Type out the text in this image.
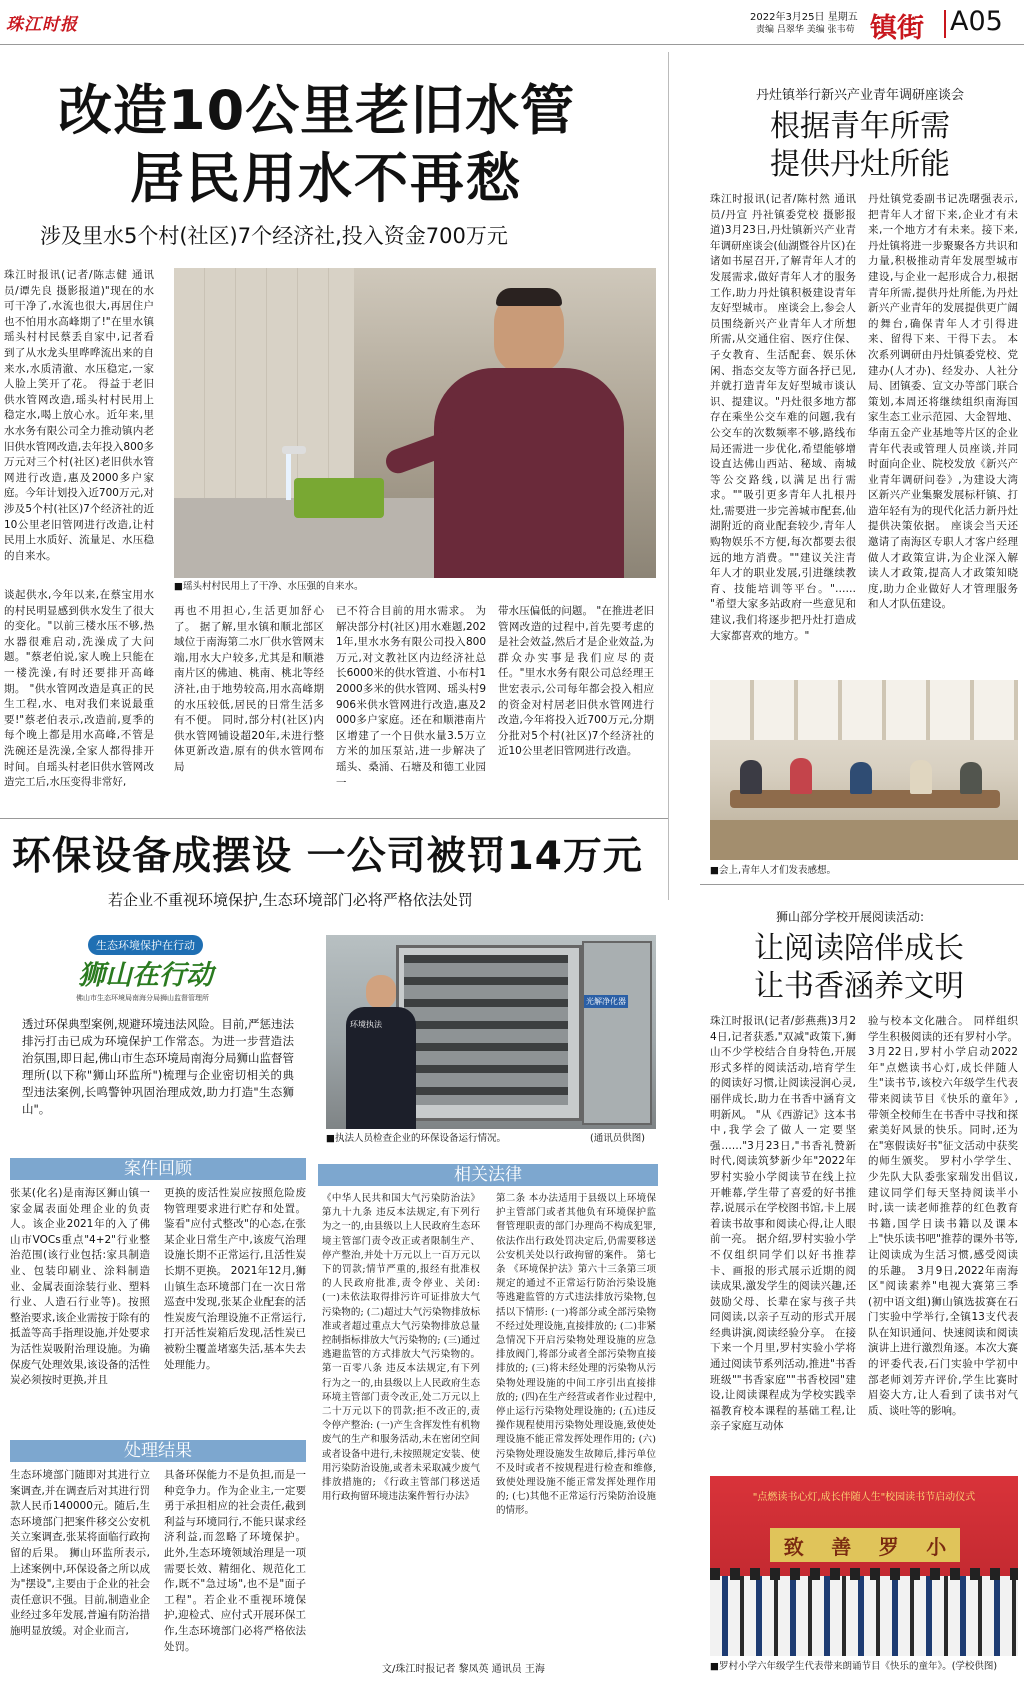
珠江时报	2022年3月25日 星期五
责编 吕翠华 美编 张韦苟 镇街 A05
改造10公里老旧水管
居民用水不再愁
涉及里水5个村(社区)7个经济社,投入资金700万元
珠江时报讯(记者/陈志健 通讯员/谭先良 摄影报道)"现在的水可干净了,水流也很大,再居住户也不怕用水高峰期了!"在里水镇瑶头村村民蔡丢自家中,记者看到了从水龙头里哗哗流出来的自来水,水质清澈、水压稳定,一家人脸上笑开了花。 得益于老旧供水管网改造,瑶头村村民用上稳定水,喝上放心水。近年来,里水水务有限公司全力推动镇内老旧供水管网改造,去年投入800多万元对三个村(社区)老旧供水管网进行改造,惠及2000多户家庭。今年计划投入近700万元,对涉及5个村(社区)7个经济社的近10公里老旧管网进行改造,让村民用上水质好、流量足、水压稳的自来水。
谈起供水,今年以来,在蔡宝用水的村民明显感到供水发生了很大的变化。"以前三楼水压不够,热水器很难启动,洗澡成了大问题。"蔡老伯说,家人晚上只能在一楼洗澡,有时还要排开高峰期。 "供水管网改造是真正的民生工程,水、电对我们来说最重要!"蔡老伯表示,改造前,夏季的每个晚上都是用水高峰,不管是洗碗还是洗澡,全家人都得排开时间。自瑶头村老旧供水管网改造完工后,水压变得非常好,
■瑶头村村民用上了干净、水压强的自来水。
再也不用担心,生活更加舒心了。 据了解,里水镇和顺北部区域位于南海第二水厂供水管网末端,用水大户较多,尤其是和顺港南片区的佛迪、桃南、桃北等经济社,由于地势较高,用水高峰期的水压较低,居民的日常生活多有不便。 同时,部分村(社区)内供水管网铺设超20年,未进行整体更新改造,原有的供水管网布局
已不符合目前的用水需求。 为解决部分村(社区)用水难题,2021年,里水水务有限公司投入800万元,对文教社区内边经济社总长6000米的供水管道、小布村12000多米的供水管网、瑶头村9906米供水管网进行改造,惠及2000多户家庭。还在和顺港南片区增建了一个日供水量3.5万立方米的加压泵站,进一步解决了瑶头、桑涌、石塘及和德工业园一
带水压偏低的问题。 "在推进老旧管网改造的过程中,首先要考虑的是社会效益,然后才是企业效益,为群众办实事是我们应尽的责任。"里水水务有限公司总经理王世宏表示,公司每年都会投入相应的资金对村居老旧供水管网进行改造,今年将投入近700万元,分期分批对5个村(社区)7个经济社的近10公里老旧管网进行改造。
丹灶镇举行新兴产业青年调研座谈会
根据青年所需
提供丹灶所能
珠江时报讯(记者/陈村然 通讯员/丹宣 丹社镇委党校 摄影报道)3月23日,丹灶镇新兴产业青年调研座谈会(仙湖暨谷片区)在诸如书屋召开,了解青年人才的发展需求,做好青年人才的服务工作,助力丹灶镇积极建设青年友好型城市。 座谈会上,参会人员围绕新兴产业青年人才所想所需,从交通住宿、医疗住保、子女教育、生活配套、娱乐休闲、指态交友等方面各抒已见,并就打造青年友好型城市谈认识、提建议。"丹灶很多地方都存在乘坐公交车难的问题,我有公交车的次数频率不够,路线布局还需进一步优化,希望能够增设直达佛山西站、秘域、南城等公交路线,以满足出行需求。""吸引更多青年人扎根丹灶,需要进一步完善城市配套,仙湖附近的商业配套较少,青年人购物娱乐不方便,每次都要去很远的地方消费。""建议关注青年人才的职业发展,引进继续教育、技能培训等平台。"…… "希望大家多站政府一些意见和建议,我们将逐步把丹灶打造成大家都喜欢的地方。"
丹灶镇党委副书记冼曙强表示,把青年人才留下来,企业才有未来,一个地方才有未来。接下来,丹灶镇将进一步聚聚各方共识和力量,积极推动青年发展型城市建设,与企业一起形成合力,根据青年所需,提供丹灶所能,为丹灶新兴产业青年的发展提供更广阔的舞台,确保青年人才引得进来、留得下来、干得下去。 本次系列调研由丹灶镇委党校、党建办(人才办)、经发办、人社分局、团镇委、宣文办等部门联合策划,本周还将继续组织南海国家生态工业示范园、大金智地、华南五金产业基地等片区的企业青年代表或管理人员座谈,并同时面向企业、院校发放《新兴产业青年调研问卷》,为建设大湾区新兴产业集聚发展标杆镇、打造年轻有为的现代化活力新丹灶提供决策依据。 座谈会当天还邀请了南海区专职人才客户经理做人才政策宣讲,为企业深入解读人才政策,提高人才政策知晓度,助力企业做好人才管理服务和人才队伍建设。
■会上,青年人才们发表感想。
环保设备成摆设 一公司被罚14万元
若企业不重视环境保护,生态环境部门必将严格依法处罚
生态环境保护在行动
狮山在行动
佛山市生态环境局南海分局狮山监督管理所
透过环保典型案例,规避环境违法风险。目前,严惩违法排污打击已成为环境保护工作常态。为进一步营造法治氛围,即日起,佛山市生态环境局南海分局狮山监督管理所(以下称"狮山环监所")梳理与企业密切相关的典型违法案例,长鸣警钟巩固治理成效,助力打造"生态狮山"。
光解净化器
环境执法
■执法人员检查企业的环保设备运行情况。	(通讯员供图)
案件回顾
张某(化名)是南海区狮山镇一家金属表面处理企业的负责人。该企业2021年的入了佛山市VOCs重点"4+2"行业整治范围(该行业包括:家具制造业、包装印刷业、涂料制造业、金属表面涂装行业、塑料行业、人造石行业等)。按照整治要求,该企业需按于除有的抵盖等高手指理设施,并处要求为活性炭吸附治理设施。为确保废气处理效果,该设备的活性炭必须按时更换,并且
更换的废活性炭应按照危险废物管理要求进行贮存和处置。 鉴看"应付式整改"的心态,在张某企业日常生产中,该废气治理设施长期不正常运行,且活性炭长期不更换。 2021年12月,狮山镇生态环境部门在一次日常巡查中发现,张某企业配套的活性炭废气治理设施不正常运行,打开活性炭箱后发现,活性炭已被粉尘覆盖堵塞失活,基本失去处理能力。
处理结果
生态环境部门随即对其进行立案调查,并在调查后对其进行罚款人民币140000元。随后,生态环境部门把案件移交公安机关立案调查,张某将面临行政拘留的后果。 狮山环监所表示,上述案例中,环保设备之所以成为"摆设",主要由于企业的社会责任意识不强。目前,制造业企业经过多年发展,普遍有防治措施明显放缓。对企业而言,
具备环保能力不是负担,而是一种竞争力。作为企业主,一定要勇于承担相应的社会责任,截到利益与环境同行,不能只谋求经济利益,而忽略了环境保护。 此外,生态环境领域治理是一项需要长效、精细化、规范化工作,既不"急过场",也不是"面子工程"。若企业不重视环境保护,迎检式、应付式开展环保工作,生态环境部门必将严格依法处罚。
相关法律
《中华人民共和国大气污染防治法》 第九十九条 违反本法规定,有下列行为之一的,由县级以上人民政府生态环境主管部门责令改正或者限制生产、停产整治,并处十万元以上一百万元以下的罚款;情节严重的,报经有批准权的人民政府批准,责令停业、关闭: (一)未依法取得排污许可证排放大气污染物的; (二)超过大气污染物排放标准或者超过重点大气污染物排放总量控制指标排放大气污染物的; (三)通过逃避监管的方式排放大气污染物的。 第一百零八条 违反本法规定,有下列行为之一的,由县级以上人民政府生态环境主管部门责令改正,处二万元以上二十万元以下的罚款;拒不改正的,责令停产整治: (一)产生含挥发性有机物废气的生产和服务活动,未在密闭空间或者设备中进行,未按照规定安装、使用污染防治设施,或者未采取减少废气排放措施的; 《行政主管部门移送适用行政拘留环境违法案件暂行办法》
第二条 本办法适用于县级以上环境保护主管部门或者其他负有环境保护监督管理职责的部门办理尚不构成犯罪,依法作出行政处罚决定后,仍需要移送公安机关处以行政拘留的案件。 第七条 《环境保护法》第六十三条第三项规定的通过不正常运行防治污染设施等逃避监管的方式违法排放污染物,包括以下情形: (一)将部分或全部污染物不经过处理设施,直接排放的; (二)非紧急情况下开启污染物处理设施的应急排放阀门,将部分或者全部污染物直接排放的; (三)将未经处理的污染物从污染物处理设施的中间工序引出直接排放的; (四)在生产经营或者作业过程中,停止运行污染物处理设施的; (五)违反操作规程使用污染物处理设施,致使处理设施不能正常发挥处理作用的; (六)污染物处理设施发生故障后,排污单位不及时或者不按规程进行检查和维修,致使处理设施不能正常发挥处理作用的; (七)其他不正常运行污染防治设施的情形。
文/珠江时报记者 黎凤英 通讯员 王海
狮山部分学校开展阅读活动:
让阅读陪伴成长
让书香涵养文明
珠江时报讯(记者/彭燕燕)3月24日,记者获悉,"双减"政策下,狮山不少学校结合自身特色,开展形式多样的阅读活动,培育学生的阅读好习惯,让阅读浸润心灵,丽伴成长,助力在书香中涵育文明新风。 "从《西游记》这本书中,我学会了做人一定要坚强……"3月23日,"书香礼赞新时代,阅读筑梦新少年"2022年罗村实验小学阅读节在线上拉开帷幕,学生带了喜爱的好书推荐,说展示在学校图书馆,卡上展着读书故事和阅读心得,让人眼前一亮。 据介绍,罗村实验小学不仅组织同学们以好书推荐卡、画报的形式展示近期的阅读成果,激发学生的阅读兴趣,还鼓励父母、长辈在家与孩子共同阅读,以亲子互动的形式开展经典讲演,阅读经验分享。 在接下来一个月里,罗村实验小学将通过阅读节系列活动,推进"书香班级""书香家庭""书香校园"建设,让阅读课程成为学校实践幸福教育校本课程的基础工程,让亲子家庭互动体
验与校本文化融合。 同样组织学生积极阅读的还有罗村小学。3月22日,罗村小学启动2022年"点燃读书心灯,成长伴随人生"读书节,该校六年级学生代表带来阅读节目《快乐的童年》,带领全校师生在书香中寻找和探索美好风景的快乐。同时,还为在"寒假读好书"征文活动中获奖的师生颁奖。 罗村小学学生、少先队大队委张家瑞发出倡议,建议同学们每天坚持阅读半小时,读一读老师推荐的红色教育书籍,国学日读书籍以及课本上"快乐读书吧"推荐的课外书等,让阅读成为生活习惯,感受阅读的乐趣。 3月9日,2022年南海区"阅读素养"电视大赛第三季(初中语文组)狮山镇选拔赛在石门实验中学举行,全镇13支代表队在知识通问、快速阅读和阅读演讲上进行激烈角逐。本次大赛的评委代表,石门实验中学初中部老师刘芳卉评价,学生比赛时眉姿大方,让人看到了读书对气质、谈吐等的影响。
"点燃读书心灯,成长伴随人生"校园读书节启动仪式
致 善 罗 小
■罗村小学六年级学生代表带来朗诵节目《快乐的童年》。(学校供图)
